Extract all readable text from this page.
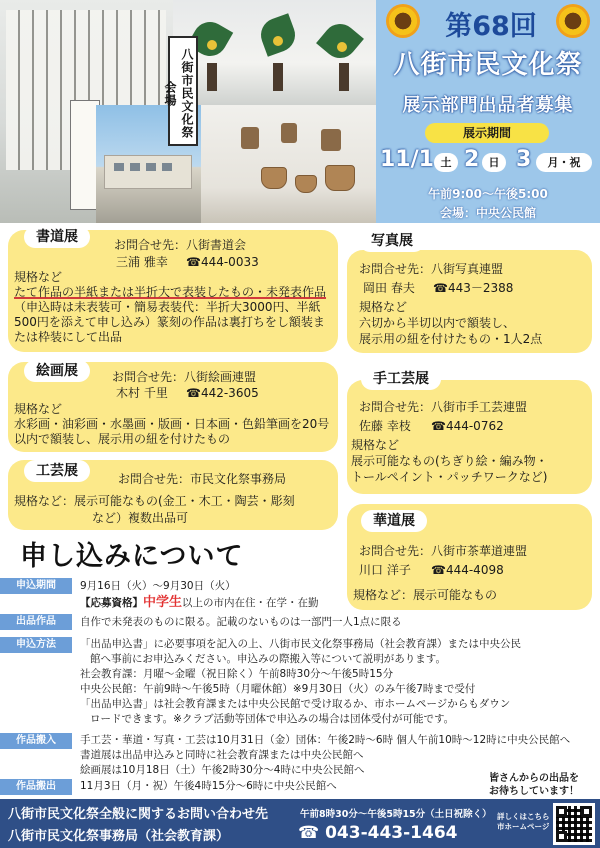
八街市民文化祭会場
第68回
八街市民文化祭
展示部門出品者募集
展示期間
11/1 土 2 日 3	月・祝
午前9:00～午後5:00
会場：中央公民館
書道展	お問合せ先：八街書道会
三浦 雅幸 ☎444-0033
規格など
たて作品の半紙または半折大で表装したもの・未発表作品
（申込時は未表装可・簡易表装代：半折大3000円、半紙
500円を添えて申し込み）篆刻の作品は裏打ちをし額装ま
たは枠装にして出品
写真展
お問合せ先：八街写真連盟
岡田 春夫 ☎443－2388
規格など
六切から半切以内で額装し、
展示用の紐を付けたもの・1人2点
絵画展	お問合せ先：八街絵画連盟
木村 千里 ☎442-3605
規格など
水彩画・油彩画・水墨画・版画・日本画・色鉛筆画を20号
以内で額装し、展示用の紐を付けたもの
手工芸展
お問合せ先：八街市手工芸連盟
佐藤 幸枝 ☎444-0762
規格など
展示可能なもの(ちぎり絵・編み物・
トールペイント・パッチワークなど)
工芸展	お問合せ先：市民文化祭事務局
規格など：展示可能なもの(金工・木工・陶芸・彫刻
など）複数出品可	華道展
お問合せ先：八街市茶華道連盟
川口 洋子 ☎444-4098
規格など：展示可能なもの
申し込みについて
申込期間	9月16日（火）～9月30日（火）
【応募資格】中学生以上の市内在住・在学・在勤
出品作品	自作で未発表のものに限る。記載のないものは一部門一人1点に限る
申込方法	「出品申込書」に必要事項を記入の上、八街市民文化祭事務局（社会教育課）または中央公民
館へ事前にお申込みください。申込みの際搬入等について説明があります。
社会教育課：月曜～金曜（祝日除く）午前8時30分～午後5時15分
中央公民館：午前9時～午後5時（月曜休館）※9月30日（火）のみ午後7時まで受付
「出品申込書」は社会教育課または中央公民館で受け取るか、市ホームページからもダウン
ロードできます。※クラブ活動等団体で申込みの場合は団体受付が可能です。
作品搬入	手工芸・華道・写真・工芸は10月31日（金）団体：午後2時～6時 個人午前10時～12時に中央公民館へ
書道展は出品申込みと同時に社会教育課または中央公民館へ
絵画展は10月18日（土）午後2時30分～4時に中央公民館へ
作品搬出	11月3日（月・祝）午後4時15分～6時に中央公民館へ
皆さんからの出品を
お待ちしています！
八街市民文化祭全般に関するお問い合わせ先	午前8時30分～午後5時15分（土日祝除く）
八街市民文化祭事務局（社会教育課）	☎ 043-443-1464
詳しくはこちら
市ホームページ
